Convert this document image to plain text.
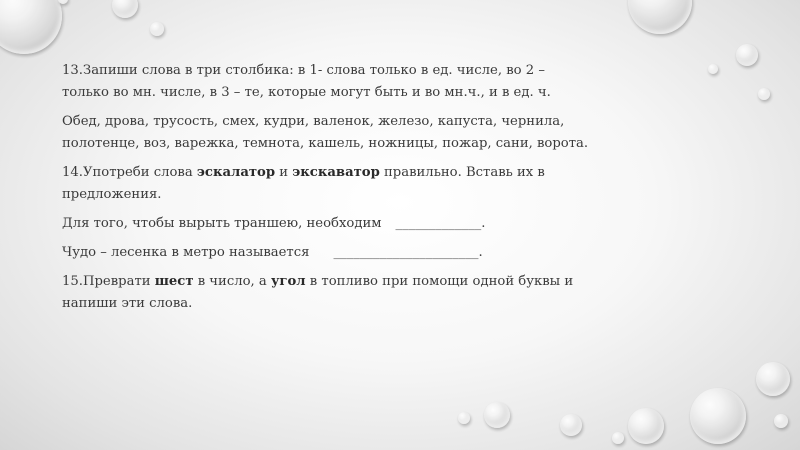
13.Запиши слова в три столбика: в 1- слова только в ед. числе, во 2 –
только во мн. числе, в 3 – те, которые могут быть и во мн.ч., и в ед. ч.

Обед, дрова, трусость, смех, кудри, валенок, железо, капуста, чернила,
полотенце, воз, варежка, темнота, кашель, ножницы, пожар, сани, ворота.

14.Употреби слова эскалатор и экскаватор правильно. Вставь их в
предложения.

Для того, чтобы вырыть траншею, необходим _____________.

Чудо – лесенка в метро называется ______________________.

15.Преврати шест в число, а угол в топливо при помощи одной буквы и
напиши эти слова.
